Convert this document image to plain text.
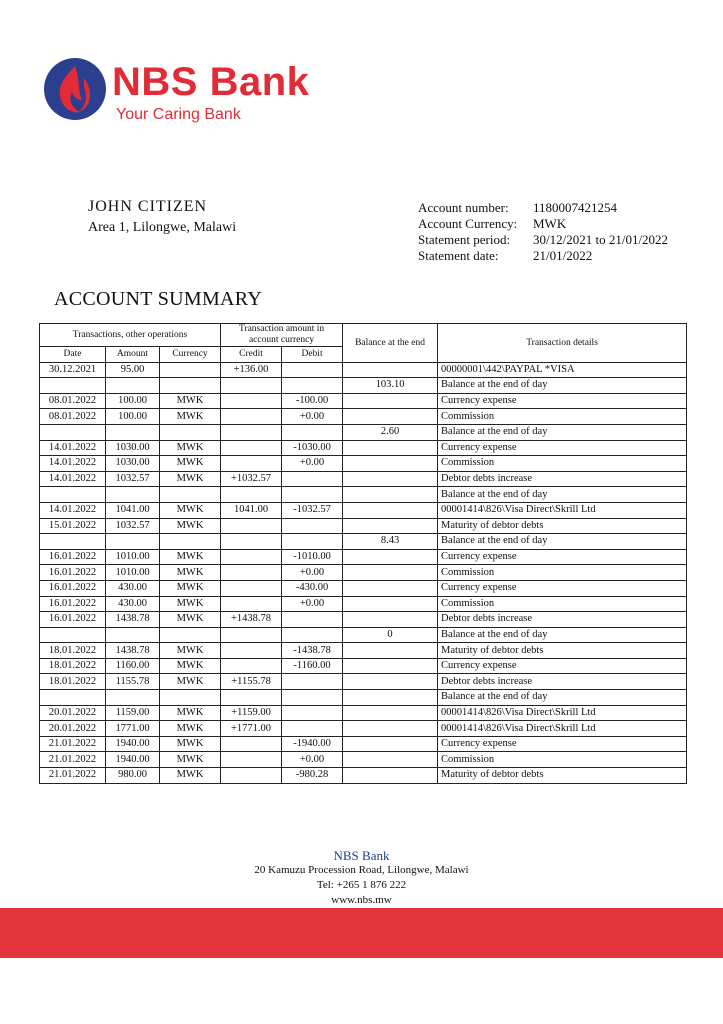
NBS Bank
Your Caring Bank
JOHN CITIZEN
Area 1, Lilongwe, Malawi
Account number:	1180007421254
Account Currency:	MWK
Statement period:	30/12/2021 to 21/01/2022
Statement date:	21/01/2022
ACCOUNT SUMMARY
Transactions, other operations			Transaction amount in account currency		Balance at the end	Transaction details
Date	Amount	Currency	Credit	Debit		
30.12.2021	95.00		+136.00			00000001\442\PAYPAL *VISA
					103.10	Balance at the end of day
08.01.2022	100.00	MWK		-100.00		Currency expense
08.01.2022	100.00	MWK		+0.00		Commission
					2.60	Balance at the end of day
14.01.2022	1030.00	MWK		-1030.00		Currency expense
14.01.2022	1030.00	MWK		+0.00		Commission
14.01.2022	1032.57	MWK	+1032.57			Debtor debts increase
						Balance at the end of day
14.01.2022	1041.00	MWK	1041.00	-1032.57		00001414\826\Visa Direct\Skrill Ltd
15.01.2022	1032.57	MWK				Maturity of debtor debts
					8.43	Balance at the end of day
16.01.2022	1010.00	MWK		-1010.00		Currency expense
16.01.2022	1010.00	MWK		+0.00		Commission
16.01.2022	430.00	MWK		-430.00		Currency expense
16.01.2022	430.00	MWK		+0.00		Commission
16.01.2022	1438.78	MWK	+1438.78			Debtor debts increase
					0	Balance at the end of day
18.01.2022	1438.78	MWK		-1438.78		Maturity of debtor debts
18.01.2022	1160.00	MWK		-1160.00		Currency expense
18.01.2022	1155.78	MWK	+1155.78			Debtor debts increase
						Balance at the end of day
20.01.2022	1159.00	MWK	+1159.00			00001414\826\Visa Direct\Skrill Ltd
20.01.2022	1771.00	MWK	+1771.00			00001414\826\Visa Direct\Skrill Ltd
21.01.2022	1940.00	MWK		-1940.00		Currency expense
21.01.2022	1940.00	MWK		+0.00		Commission
21.01.2022	980.00	MWK		-980.28		Maturity of debtor debts
NBS Bank
20 Kamuzu Procession Road, Lilongwe, Malawi
Tel: +265 1 876 222
www.nbs.mw
